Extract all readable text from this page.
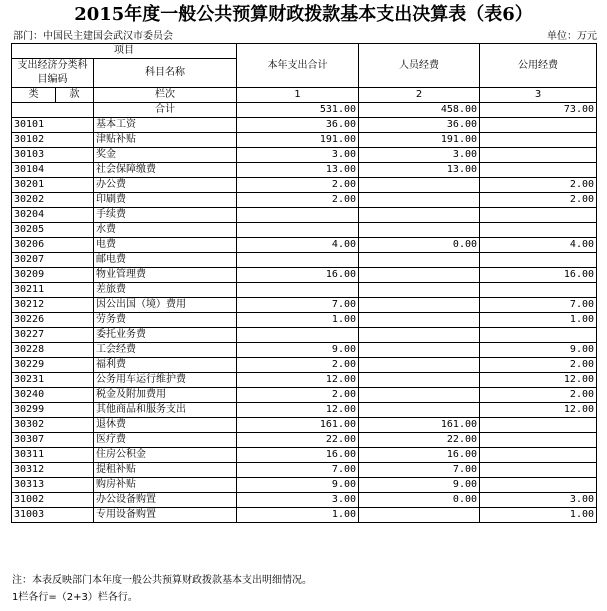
2015年度一般公共预算财政拨款基本支出决算表（表6）
部门：中国民主建国会武汉市委员会	单位：万元
项目			本年支出合计	人员经费	公用经费
支出经济分类科目编码		科目名称			
类	款				
		栏次	1	2	3
		合计	531.00	458.00	73.00
30101		基本工资	36.00	36.00	
30102		津贴补贴	191.00	191.00	
30103		奖金	3.00	3.00	
30104		社会保障缴费	13.00	13.00	
30201		办公费	2.00		2.00
30202		印刷费	2.00		2.00
30204		手续费			
30205		水费			
30206		电费	4.00	0.00	4.00
30207		邮电费			
30209		物业管理费	16.00		16.00
30211		差旅费			
30212		因公出国（境）费用	7.00		7.00
30226		劳务费	1.00		1.00
30227		委托业务费			
30228		工会经费	9.00		9.00
30229		福利费	2.00		2.00
30231		公务用车运行维护费	12.00		12.00
30240		税金及附加费用	2.00		2.00
30299		其他商品和服务支出	12.00		12.00
30302		退休费	161.00	161.00	
30307		医疗费	22.00	22.00	
30311		住房公积金	16.00	16.00	
30312		提租补贴	7.00	7.00	
30313		购房补贴	9.00	9.00	
31002		办公设备购置	3.00	0.00	3.00
31003		专用设备购置	1.00		1.00
注：本表反映部门本年度一般公共预算财政拨款基本支出明细情况。
1栏各行=（2+3）栏各行。
